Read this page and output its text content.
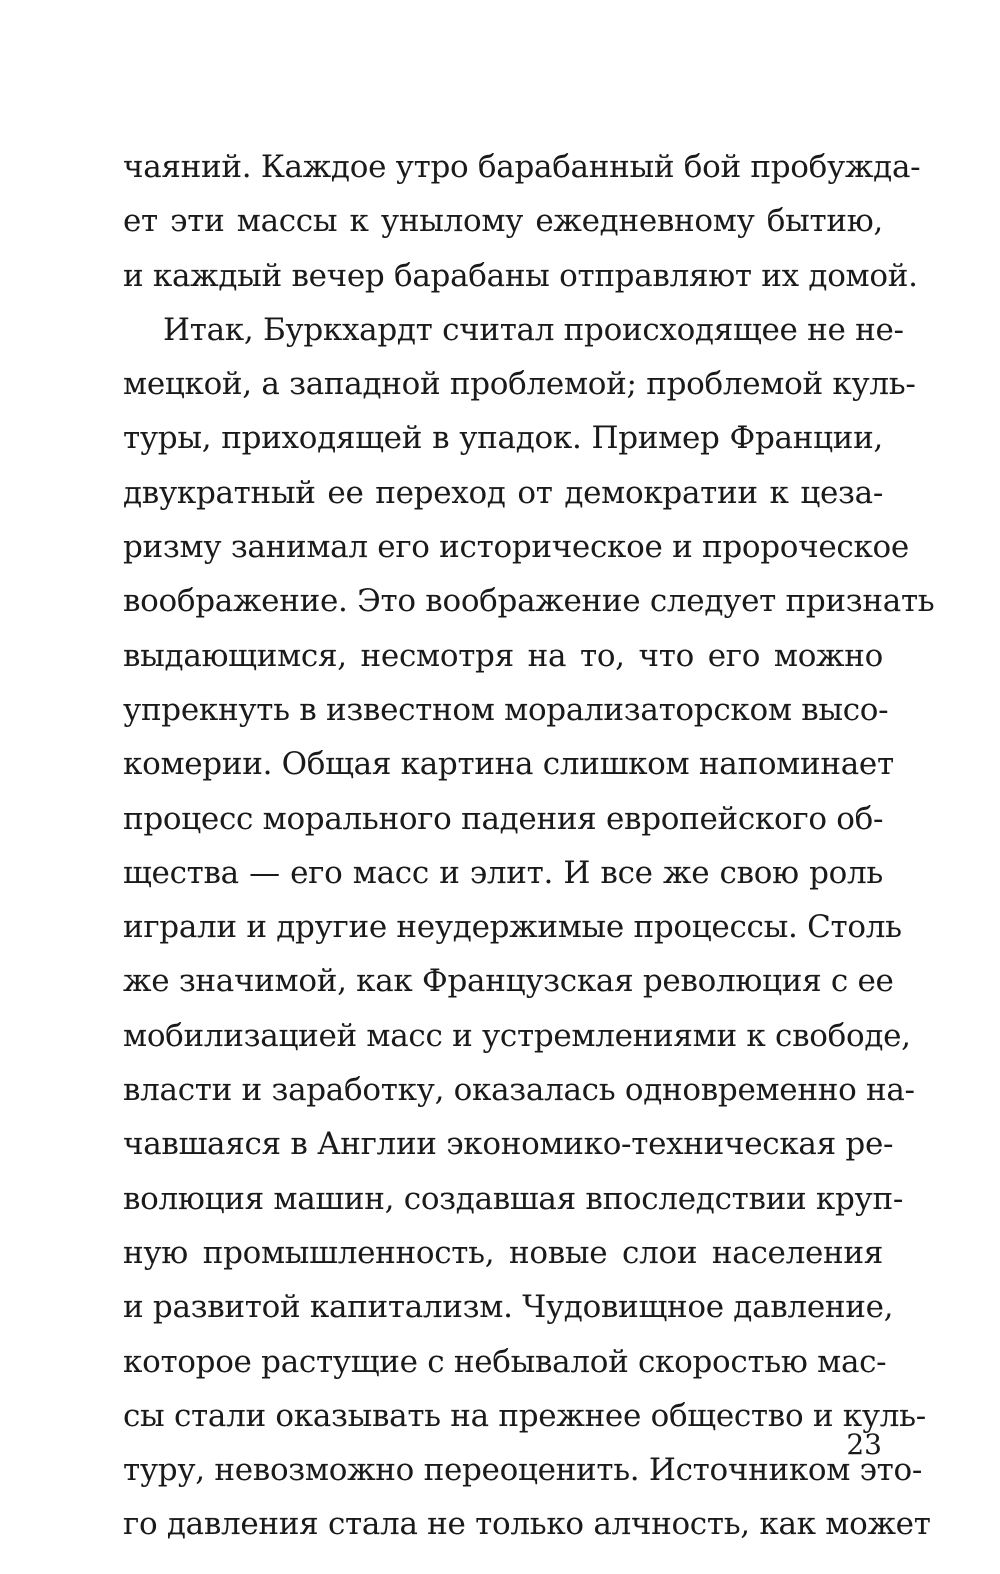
чаяний. Каждое утро барабанный бой пробужда-
ет эти массы к унылому ежедневному бытию,
и каждый вечер барабаны отправляют их домой.
Итак, Буркхардт считал происходящее не не-
мецкой, а западной проблемой; проблемой куль-
туры, приходящей в упадок. Пример Франции,
двукратный ее переход от демократии к цеза-
ризму занимал его историческое и пророческое
воображение. Это воображение следует признать
выдающимся, несмотря на то, что его можно
упрекнуть в известном морализаторском высо-
комерии. Общая картина слишком напоминает
процесс морального падения европейского об-
щества — его масс и элит. И все же свою роль
играли и другие неудержимые процессы. Столь
же значимой, как Французская революция с ее
мобилизацией масс и устремлениями к свободе,
власти и заработку, оказалась одновременно на-
чавшаяся в Англии экономико-техническая ре-
волюция машин, создавшая впоследствии круп-
ную промышленность, новые слои населения
и развитой капитализм. Чудовищное давление,
которое растущие с небывалой скоростью мас-
сы стали оказывать на прежнее общество и куль-
туру, невозможно переоценить. Источником это-
го давления стала не только алчность, как может
23
